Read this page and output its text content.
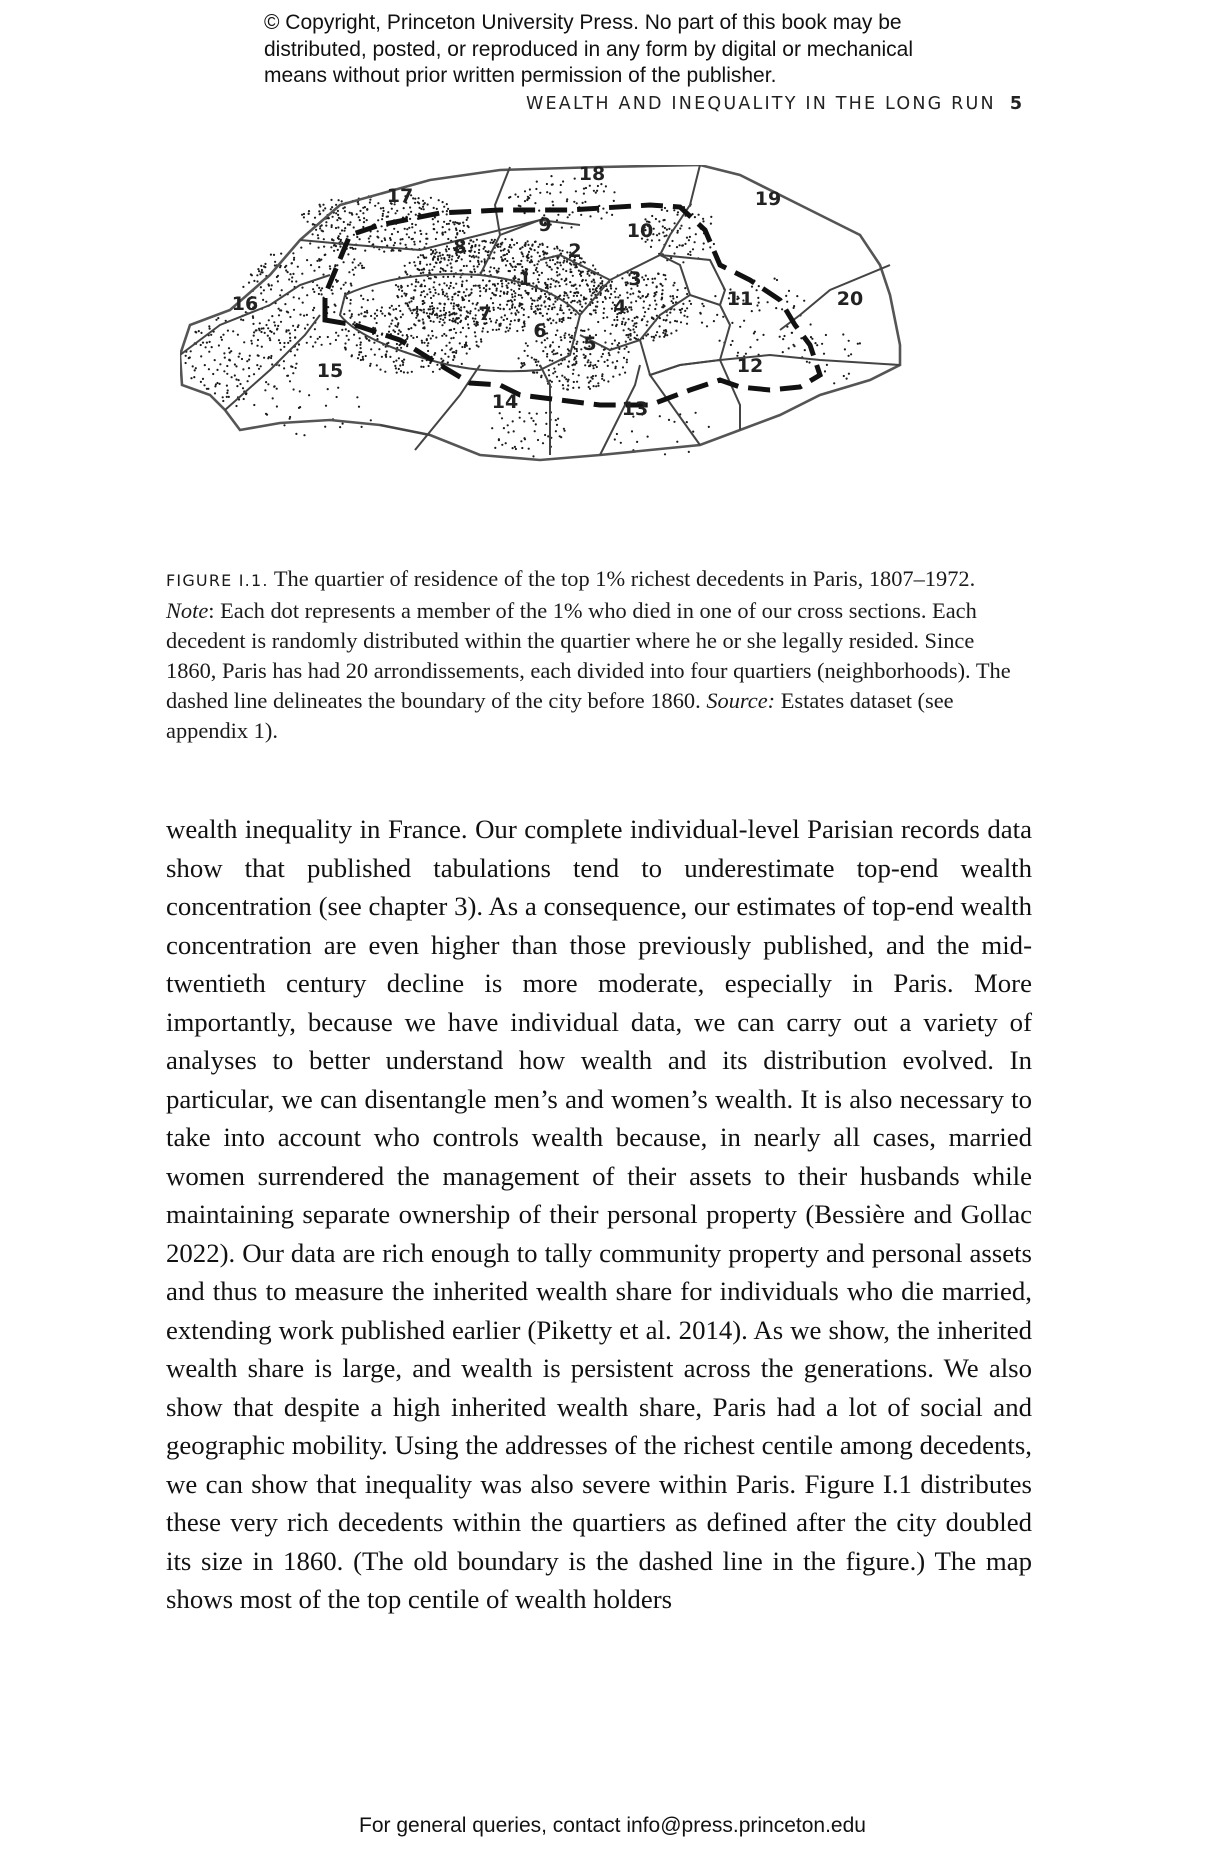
© Copyright, Princeton University Press. No part of this book may be
distributed, posted, or reproduced in any form by digital or mechanical
means without prior written permission of the publisher.
WEALTH AND INEQUALITY IN THE LONG RUN 5
1
2
3
4
5
6
7
8
9	10
11
12
13
14
15
16
17
18
19
20
FIGURE I.1. The quartier of residence of the top 1% richest decedents in Paris, 1807–1972. Note: Each dot represents a member of the 1% who died in one of our cross sections. Each decedent is randomly distributed within the quartier where he or she legally resided. Since 1860, Paris has had 20 arrondissements, each divided into four quartiers (neighborhoods). The dashed line delineates the boundary of the city before 1860. Source: Estates dataset (see appendix 1).

wealth inequality in France. Our complete individual-level Parisian records data show that published tabulations tend to underestimate top-end wealth concentration (see chapter 3). As a consequence, our estimates of top-end wealth concentration are even higher than those previously published, and the mid-twentieth century decline is more moderate, especially in Paris. More importantly, because we have individual data, we can carry out a variety of analyses to better understand how wealth and its distribution evolved. In particular, we can disentangle men’s and women’s wealth. It is also necessary to take into account who controls wealth because, in nearly all cases, married women surrendered the management of their assets to their husbands while maintaining separate ownership of their personal property (Bessière and Gollac 2022). Our data are rich enough to tally community property and personal assets and thus to measure the inherited wealth share for individuals who die married, extending work published earlier (Piketty et al. 2014). As we show, the inherited wealth share is large, and wealth is persistent across the generations. We also show that despite a high inherited wealth share, Paris had a lot of social and geographic mobility. Using the addresses of the richest centile among decedents, we can show that inequality was also severe within Paris. Figure I.1 distributes these very rich decedents within the quartiers as defined after the city doubled its size in 1860. (The old boundary is the dashed line in the figure.) The map shows most of the top centile of wealth holders

For general queries, contact info@press.princeton.edu
